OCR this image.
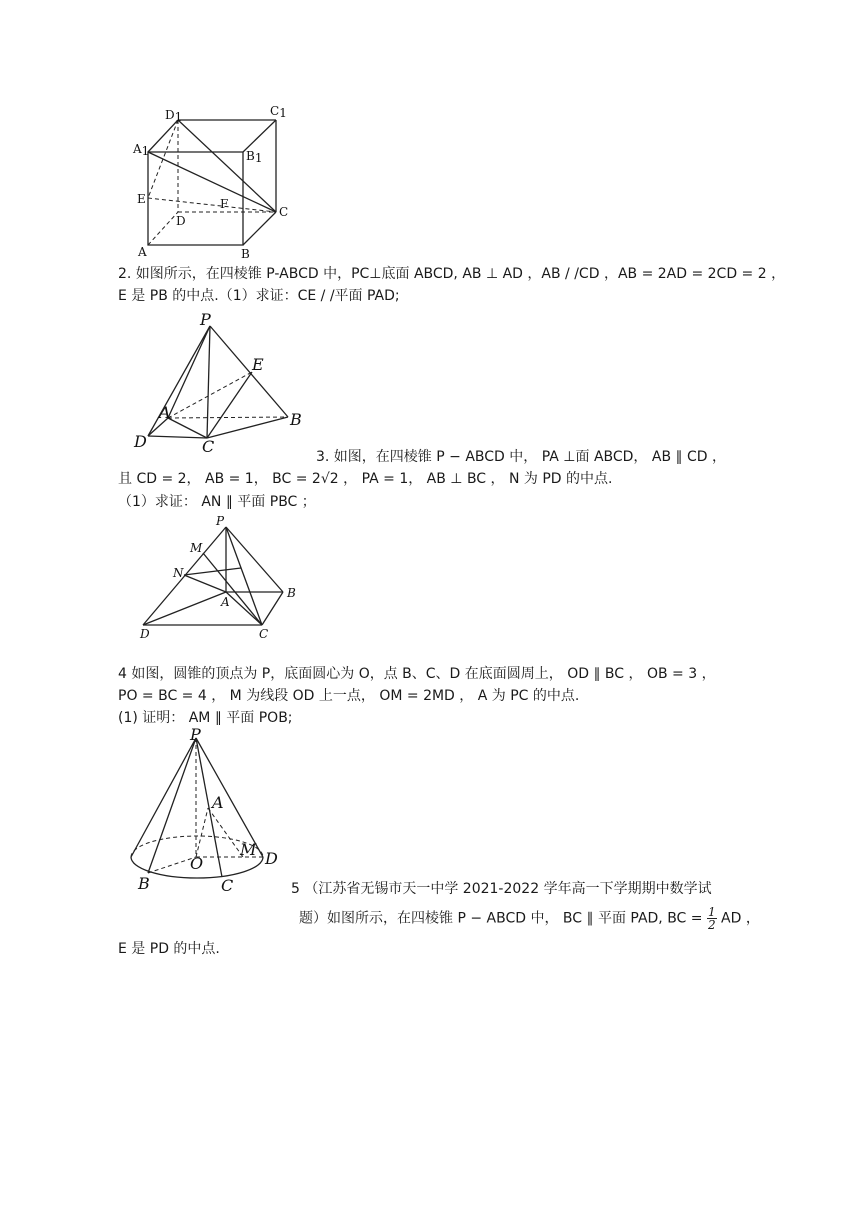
D1	C1
A1	B1
E	F
D
C
A	B
2. 如图所示，在四棱锥 P-ABCD 中，PC⊥底面 ABCD, AB ⊥ AD ，AB / /CD ，AB = 2AD = 2CD = 2 ，
E 是 PB 的中点.（1）求证：CE / /平面 PAD;
P
E
A	B
D	C
3. 如图，在四棱锥 P − ABCD 中， PA ⊥面 ABCD， AB ∥ CD ，
且 CD = 2， AB = 1， BC = 2√2 ， PA = 1， AB ⊥ BC ， N 为 PD 的中点.
（1）求证： AN ∥ 平面 PBC ；
P
M
N
A
B
D	C
4 如图，圆锥的顶点为 P，底面圆心为 O，点 B、C、D 在底面圆周上， OD ∥ BC ， OB = 3 ，
PO = BC = 4 ， M 为线段 OD 上一点， OM = 2MD ， A 为 PC 的中点.
(1) 证明： AM ∥ 平面 POB;
P
A
M D
O
B	C	5 （江苏省无锡市天一中学 2021-2022 学年高一下学期期中数学试
题）如图所示，在四棱锥 P − ABCD 中， BC ∥ 平面 PAD, BC = $\frac{1}{2}$ AD ，
E 是 PD 的中点.
